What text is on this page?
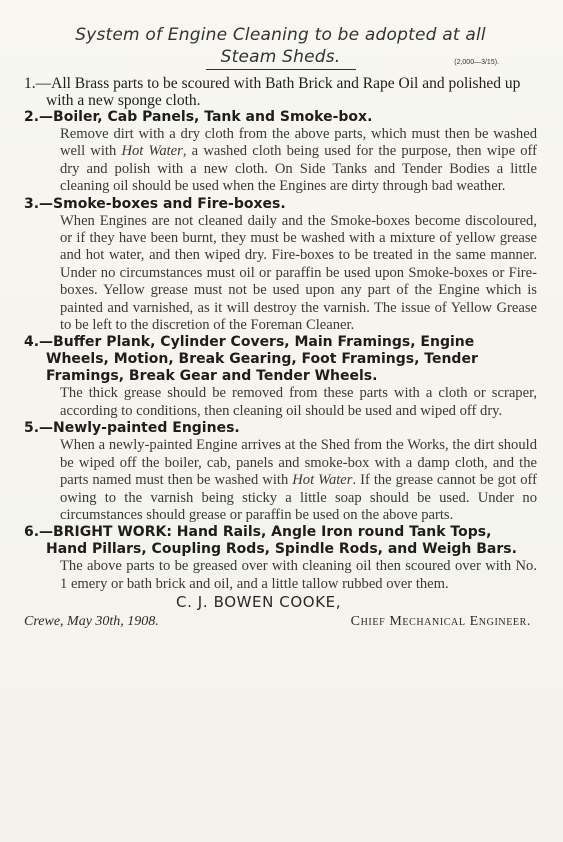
System of Engine Cleaning to be adopted at all
Steam Sheds.	(2,000—3/15).
1.—All Brass parts to be scoured with Bath Brick and Rape Oil and polished up with a new sponge cloth.
2.—Boiler, Cab Panels, Tank and Smoke-box.
Remove dirt with a dry cloth from the above parts, which must then be washed well with Hot Water, a washed cloth being used for the purpose, then wipe off dry and polish with a new cloth. On Side Tanks and Tender Bodies a little cleaning oil should be used when the Engines are dirty through bad weather.
3.—Smoke-boxes and Fire-boxes.
When Engines are not cleaned daily and the Smoke-boxes become discoloured, or if they have been burnt, they must be washed with a mixture of yellow grease and hot water, and then wiped dry. Fire-boxes to be treated in the same manner. Under no circumstances must oil or paraffin be used upon Smoke-boxes or Fire-boxes. Yellow grease must not be used upon any part of the Engine which is painted and varnished, as it will destroy the varnish. The issue of Yellow Grease to be left to the discretion of the Foreman Cleaner.
4.—Buffer Plank, Cylinder Covers, Main Framings, Engine Wheels, Motion, Break Gearing, Foot Framings, Tender Framings, Break Gear and Tender Wheels.
The thick grease should be removed from these parts with a cloth or scraper, according to conditions, then cleaning oil should be used and wiped off dry.
5.—Newly-painted Engines.
When a newly-painted Engine arrives at the Shed from the Works, the dirt should be wiped off the boiler, cab, panels and smoke-box with a damp cloth, and the parts named must then be washed with Hot Water. If the grease cannot be got off owing to the varnish being sticky a little soap should be used. Under no circumstances should grease or paraffin be used on the above parts.
6.—BRIGHT WORK: Hand Rails, Angle Iron round Tank Tops, Hand Pillars, Coupling Rods, Spindle Rods, and Weigh Bars.
The above parts to be greased over with cleaning oil then scoured over with No. 1 emery or bath brick and oil, and a little tallow rubbed over them.
C. J. BOWEN COOKE,
Crewe, May 30th, 1908.	Chief Mechanical Engineer.
